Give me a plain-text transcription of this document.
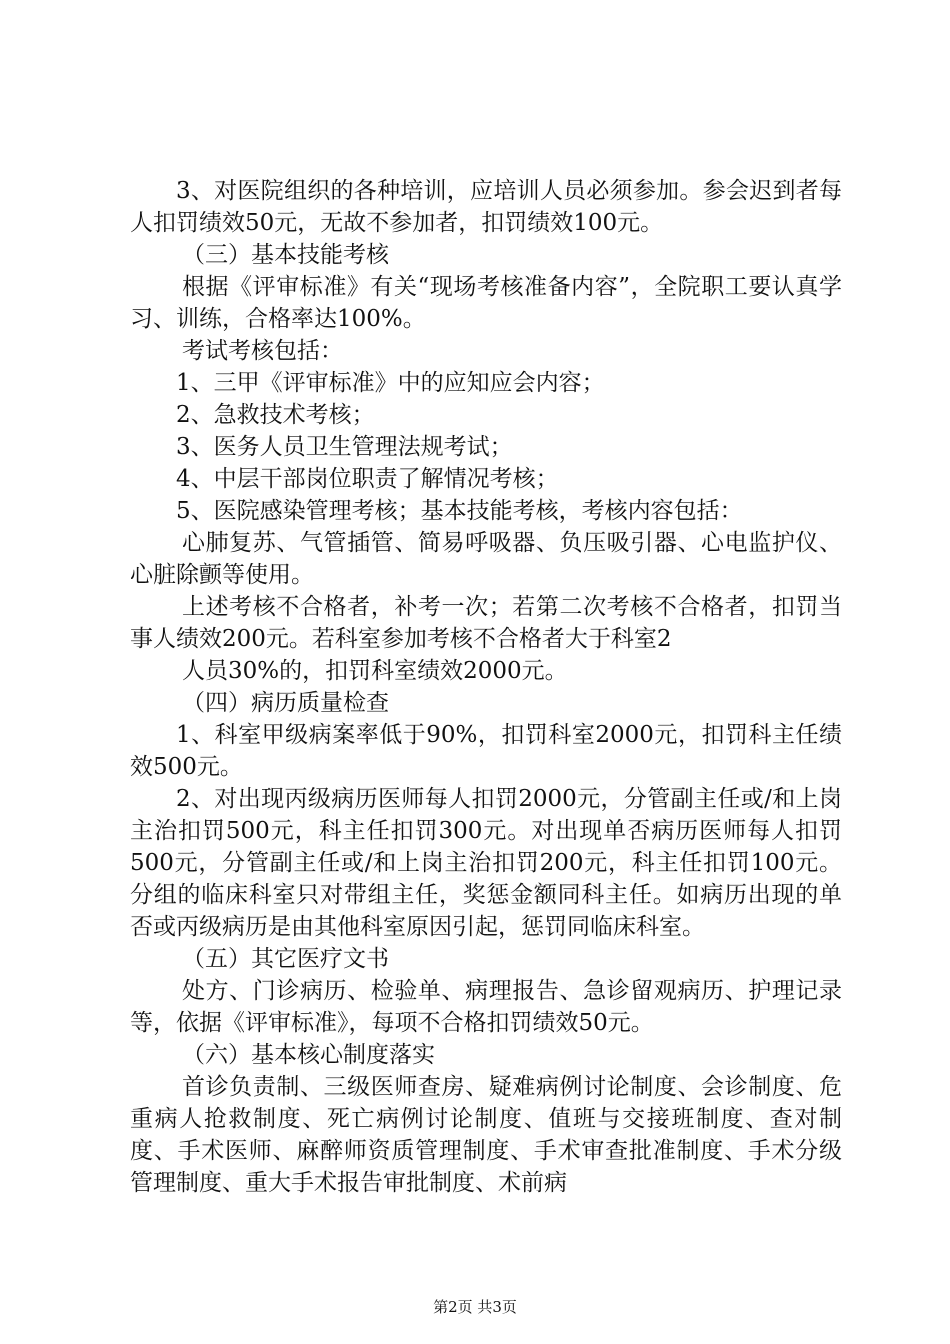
3、对医院组织的各种培训，应培训人员必须参加。参会迟到者每人扣罚绩效50元，无故不参加者，扣罚绩效100元。

（三）基本技能考核

根据《评审标准》有关“现场考核准备内容”，全院职工要认真学习、训练，合格率达100%。

考试考核包括：

1、三甲《评审标准》中的应知应会内容；

2、急救技术考核；

3、医务人员卫生管理法规考试；

4、中层干部岗位职责了解情况考核；

5、医院感染管理考核；基本技能考核，考核内容包括：

心肺复苏、气管插管、简易呼吸器、负压吸引器、心电监护仪、心脏除颤等使用。

上述考核不合格者，补考一次；若第二次考核不合格者，扣罚当事人绩效200元。若科室参加考核不合格者大于科室2

人员30%的，扣罚科室绩效2000元。

（四）病历质量检查

1、科室甲级病案率低于90%，扣罚科室2000元，扣罚科主任绩效500元。

2、对出现丙级病历医师每人扣罚2000元，分管副主任或/和上岗主治扣罚500元，科主任扣罚300元。对出现单否病历医师每人扣罚500元，分管副主任或/和上岗主治扣罚200元，科主任扣罚100元。分组的临床科室只对带组主任，奖惩金额同科主任。如病历出现的单否或丙级病历是由其他科室原因引起，惩罚同临床科室。

（五）其它医疗文书

处方、门诊病历、检验单、病理报告、急诊留观病历、护理记录等，依据《评审标准》，每项不合格扣罚绩效50元。

（六）基本核心制度落实

首诊负责制、三级医师查房、疑难病例讨论制度、会诊制度、危重病人抢救制度、死亡病例讨论制度、值班与交接班制度、查对制度、手术医师、麻醉师资质管理制度、手术审查批准制度、手术分级管理制度、重大手术报告审批制度、术前病

第2页 共3页
